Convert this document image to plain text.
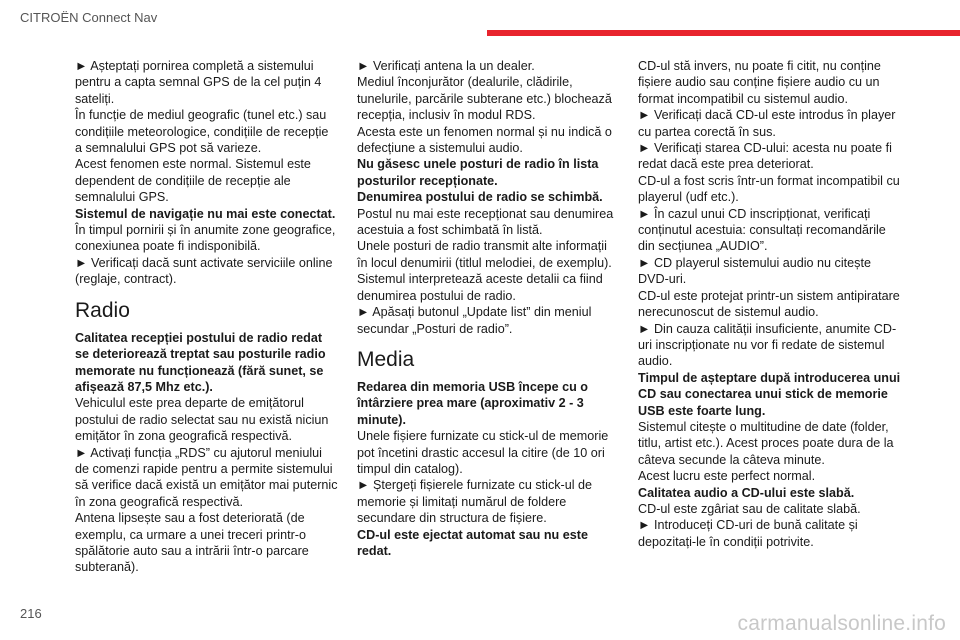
CITROËN Connect Nav

► Așteptați pornirea completă a sistemului pentru a capta semnal GPS de la cel puțin 4 sateliți.

În funcție de mediul geografic (tunel etc.) sau condițiile meteorologice, condițiile de recepție a semnalului GPS pot să varieze.

Acest fenomen este normal. Sistemul este dependent de condițiile de recepție ale semnalului GPS.

Sistemul de navigație nu mai este conectat.

În timpul pornirii și în anumite zone geografice, conexiunea poate fi indisponibilă.

► Verificați dacă sunt activate serviciile online (reglaje, contract).

Radio

Calitatea recepției postului de radio redat se deteriorează treptat sau posturile radio memorate nu funcționează (fără sunet, se afișează 87,5 Mhz etc.).

Vehiculul este prea departe de emițătorul postului de radio selectat sau nu există niciun emițător în zona geografică respectivă.

► Activați funcția „RDS” cu ajutorul meniului de comenzi rapide pentru a permite sistemului să verifice dacă există un emițător mai puternic în zona geografică respectivă.

Antena lipsește sau a fost deteriorată (de exemplu, ca urmare a unei treceri printr-o spălătorie auto sau a intrării într-o parcare subterană).

► Verificați antena la un dealer.

Mediul înconjurător (dealurile, clădirile, tunelurile, parcările subterane etc.) blochează recepția, inclusiv în modul RDS.

Acesta este un fenomen normal și nu indică o defecțiune a sistemului audio.

Nu găsesc unele posturi de radio în lista posturilor recepționate.

Denumirea postului de radio se schimbă.

Postul nu mai este recepționat sau denumirea acestuia a fost schimbată în listă.

Unele posturi de radio transmit alte informații în locul denumirii (titlul melodiei, de exemplu). Sistemul interpretează aceste detalii ca fiind denumirea postului de radio.

► Apăsați butonul „Update list” din meniul secundar „Posturi de radio”.

Media

Redarea din memoria USB începe cu o întârziere prea mare (aproximativ 2 - 3 minute).

Unele fișiere furnizate cu stick-ul de memorie pot încetini drastic accesul la citire (de 10 ori timpul din catalog).

► Ștergeți fișierele furnizate cu stick-ul de memorie și limitați numărul de foldere secundare din structura de fișiere.

CD-ul este ejectat automat sau nu este redat.

CD-ul stă invers, nu poate fi citit, nu conține fișiere audio sau conține fișiere audio cu un format incompatibil cu sistemul audio.

► Verificați dacă CD-ul este introdus în player cu partea corectă în sus.

► Verificați starea CD-ului: acesta nu poate fi redat dacă este prea deteriorat.

CD-ul a fost scris într-un format incompatibil cu playerul (udf etc.).

► În cazul unui CD inscripționat, verificați conținutul acestuia: consultați recomandările din secțiunea „AUDIO”.

► CD playerul sistemului audio nu citește DVD-uri.

CD-ul este protejat printr-un sistem antipiratare nerecunoscut de sistemul audio.

► Din cauza calității insuficiente, anumite CD-uri inscripționate nu vor fi redate de sistemul audio.

Timpul de așteptare după introducerea unui CD sau conectarea unui stick de memorie USB este foarte lung.

Sistemul citește o multitudine de date (folder, titlu, artist etc.). Acest proces poate dura de la câteva secunde la câteva minute.

Acest lucru este perfect normal.

Calitatea audio a CD-ului este slabă.

CD-ul este zgâriat sau de calitate slabă.

► Introduceți CD-uri de bună calitate și depozitați-le în condiții potrivite.

216	carmanualsonline.info
